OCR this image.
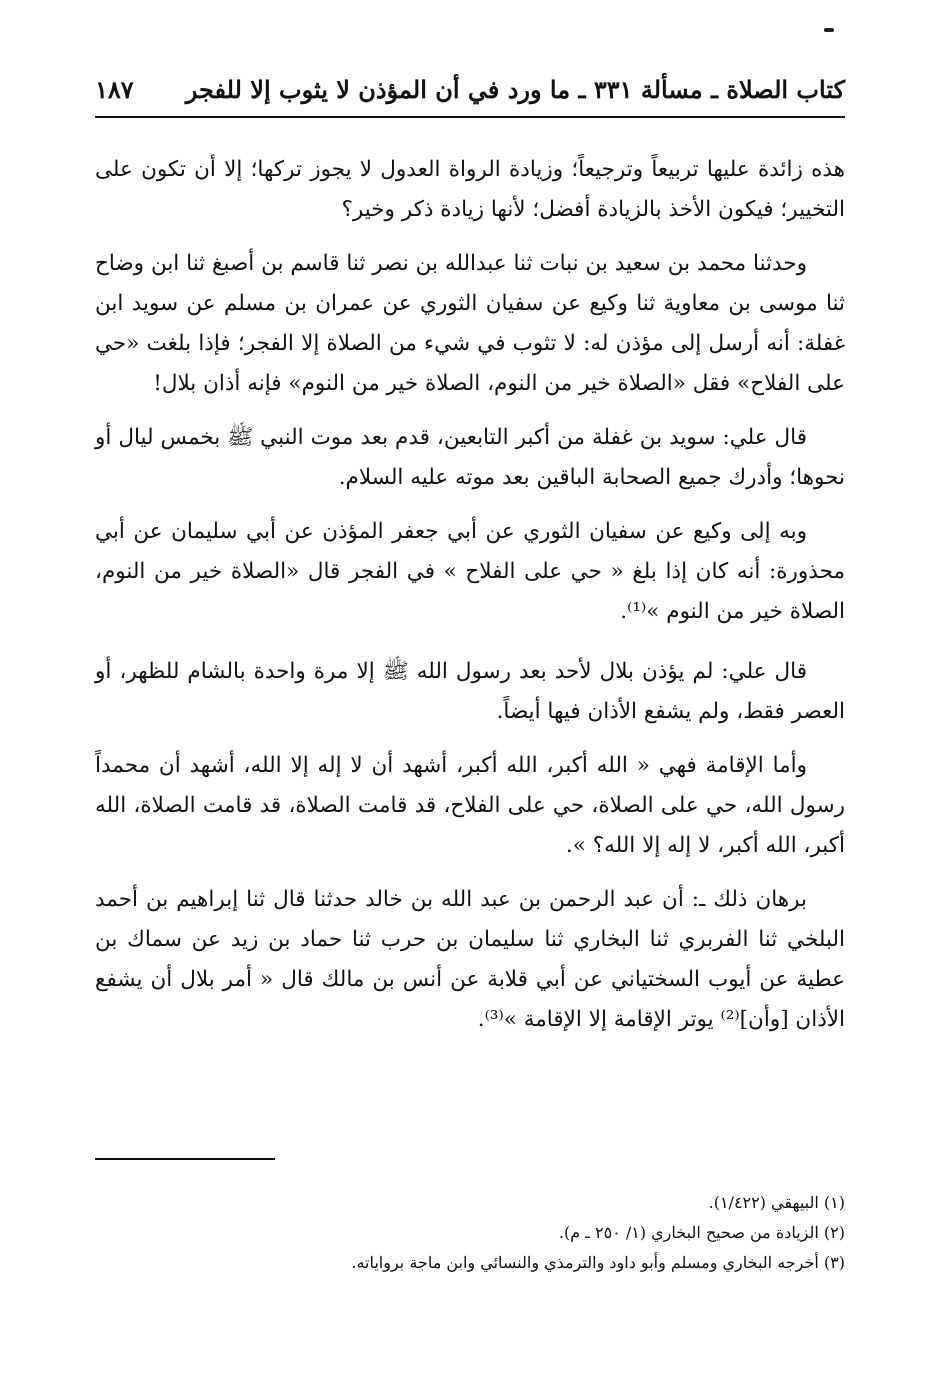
كتاب الصلاة ـ مسألة ٣٣١ ـ ما ورد في أن المؤذن لا يثوب إلا للفجر
١٨٧

هذه زائدة عليها تربيعاً وترجيعاً؛ وزيادة الرواة العدول لا يجوز تركها؛ إلا أن تكون على التخيير؛ فيكون الأخذ بالزيادة أفضل؛ لأنها زيادة ذكر وخير؟

وحدثنا محمد بن سعيد بن نبات ثنا عبدالله بن نصر ثنا قاسم بن أصبغ ثنا ابن وضاح ثنا موسى بن معاوية ثنا وكيع عن سفيان الثوري عن عمران بن مسلم عن سويد ابن غفلة: أنه أرسل إلى مؤذن له: لا تثوب في شيء من الصلاة إلا الفجر؛ فإذا بلغت «حي على الفلاح» فقل «الصلاة خير من النوم، الصلاة خير من النوم» فإنه أذان بلال!

قال علي: سويد بن غفلة من أكبر التابعين، قدم بعد موت النبي ﷺ بخمس ليال أو نحوها؛ وأدرك جميع الصحابة الباقين بعد موته عليه السلام.

وبه إلى وكيع عن سفيان الثوري عن أبي جعفر المؤذن عن أبي سليمان عن أبي محذورة: أنه كان إذا بلغ « حي على الفلاح » في الفجر قال «الصلاة خير من النوم، الصلاة خير من النوم »⁽¹⁾.

قال علي: لم يؤذن بلال لأحد بعد رسول الله ﷺ إلا مرة واحدة بالشام للظهر، أو العصر فقط، ولم يشفع الأذان فيها أيضاً.

وأما الإقامة فهي « الله أكبر، الله أكبر، أشهد أن لا إله إلا الله، أشهد أن محمداً رسول الله، حي على الصلاة، حي على الفلاح، قد قامت الصلاة، قد قامت الصلاة، الله أكبر، الله أكبر، لا إله إلا الله؟ ».

برهان ذلك ـ: أن عبد الرحمن بن عبد الله بن خالد حدثنا قال ثنا إبراهيم بن أحمد البلخي ثنا الفربري ثنا البخاري ثنا سليمان بن حرب ثنا حماد بن زيد عن سماك بن عطية عن أيوب السختياني عن أبي قلابة عن أنس بن مالك قال « أمر بلال أن يشفع الأذان [وأن]⁽²⁾ يوتر الإقامة إلا الإقامة »⁽³⁾.

(١) البيهقي (١/٤٢٢).

(٢) الزيادة من صحيح البخاري (١/ ٢٥٠ ـ م).

(٣) أخرجه البخاري ومسلم وأبو داود والترمذي والنسائي وابن ماجة برواياته.
